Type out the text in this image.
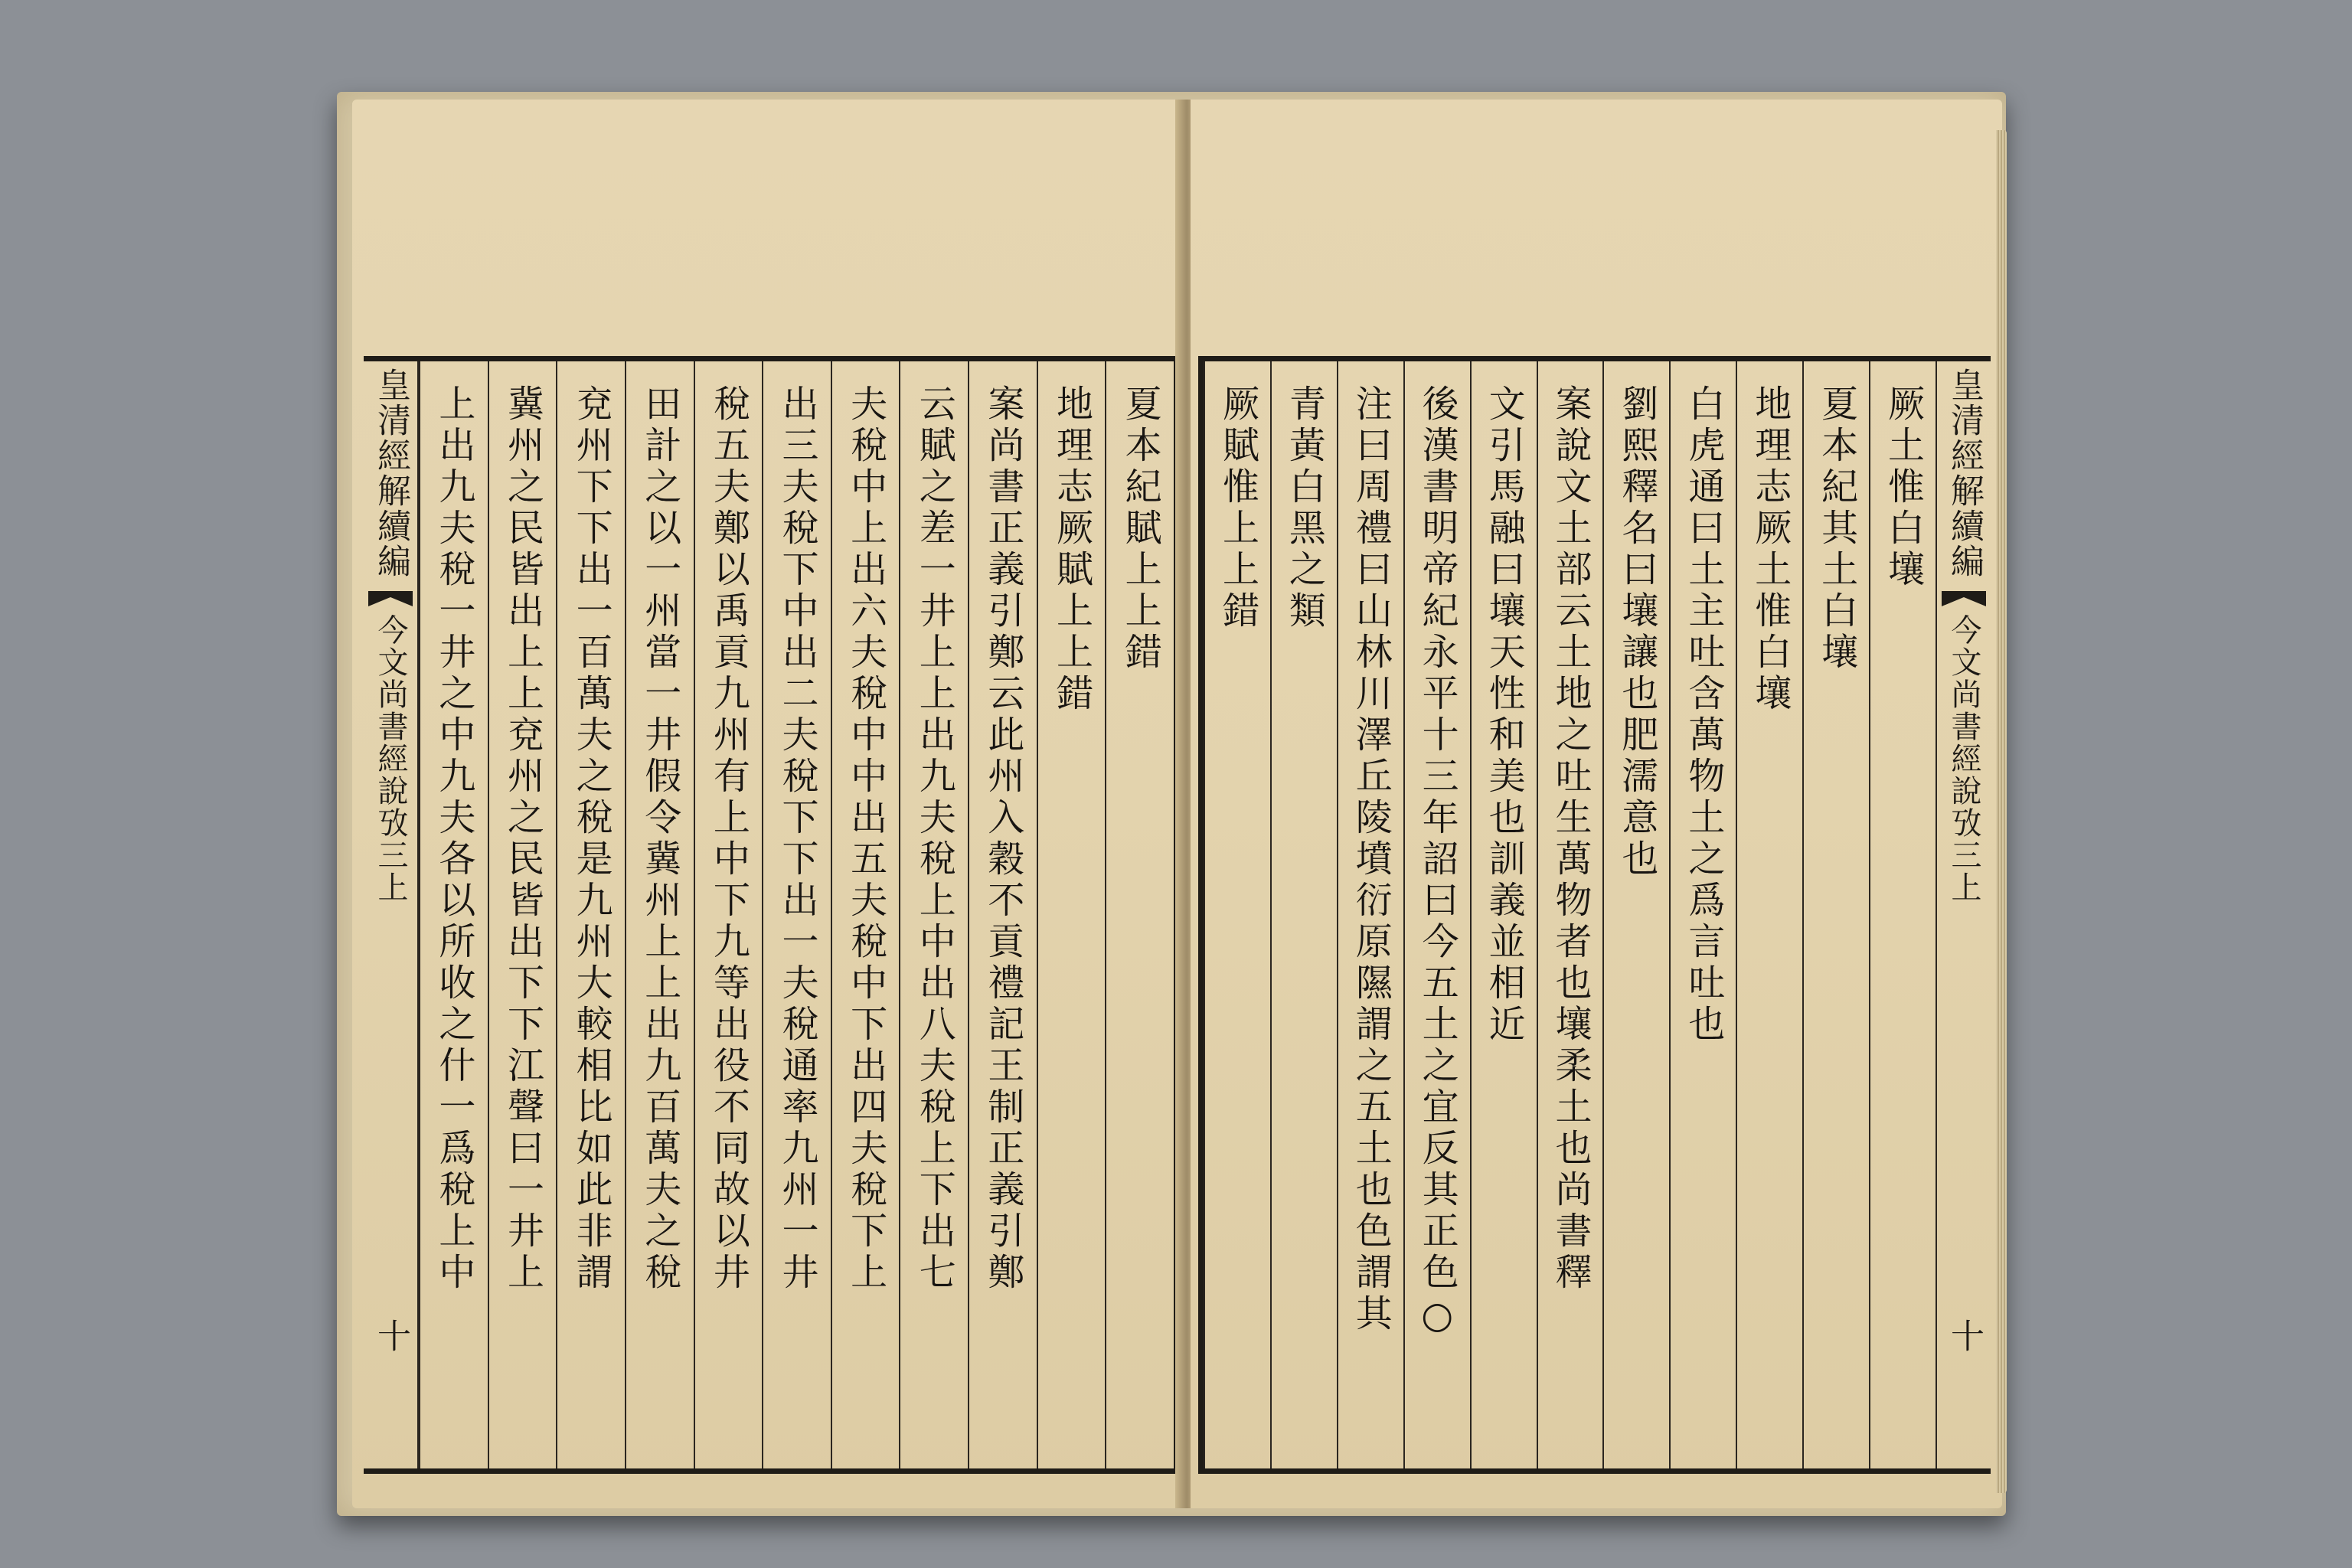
皇清經解續編
今文尚書經說攷三上
十
夏本紀賦上上錯
地理志厥賦上上錯
案尚書正義引鄭云此州入穀不貢禮記王制正義引鄭
云賦之差一井上上出九夫稅上中出八夫稅上下出七
夫稅中上出六夫稅中中出五夫稅中下出四夫稅下上
出三夫稅下中出二夫稅下下出一夫稅通率九州一井
稅五夫鄭以禹貢九州有上中下九等出役不同故以井
田計之以一州當一井假令冀州上上出九百萬夫之稅
兗州下下出一百萬夫之稅是九州大較相比如此非謂
冀州之民皆出上上兗州之民皆出下下江聲曰一井上
上出九夫稅一井之中九夫各以所收之什一爲稅上中	皇清經解續編
今文尚書經說攷三上
十
厥土惟白壤
夏本紀其土白壤
地理志厥土惟白壤
白虎通曰土主吐含萬物土之爲言吐也
劉熙釋名曰壤讓也肥濡意也
案說文土部云土地之吐生萬物者也壤柔土也尚書釋
文引馬融曰壤天性和美也訓義並相近
後漢書明帝紀永平十三年詔曰今五土之宜反其正色○
注曰周禮曰山林川澤丘陵墳衍原隰謂之五土也色謂其
青黃白黑之類
厥賦惟上上錯
